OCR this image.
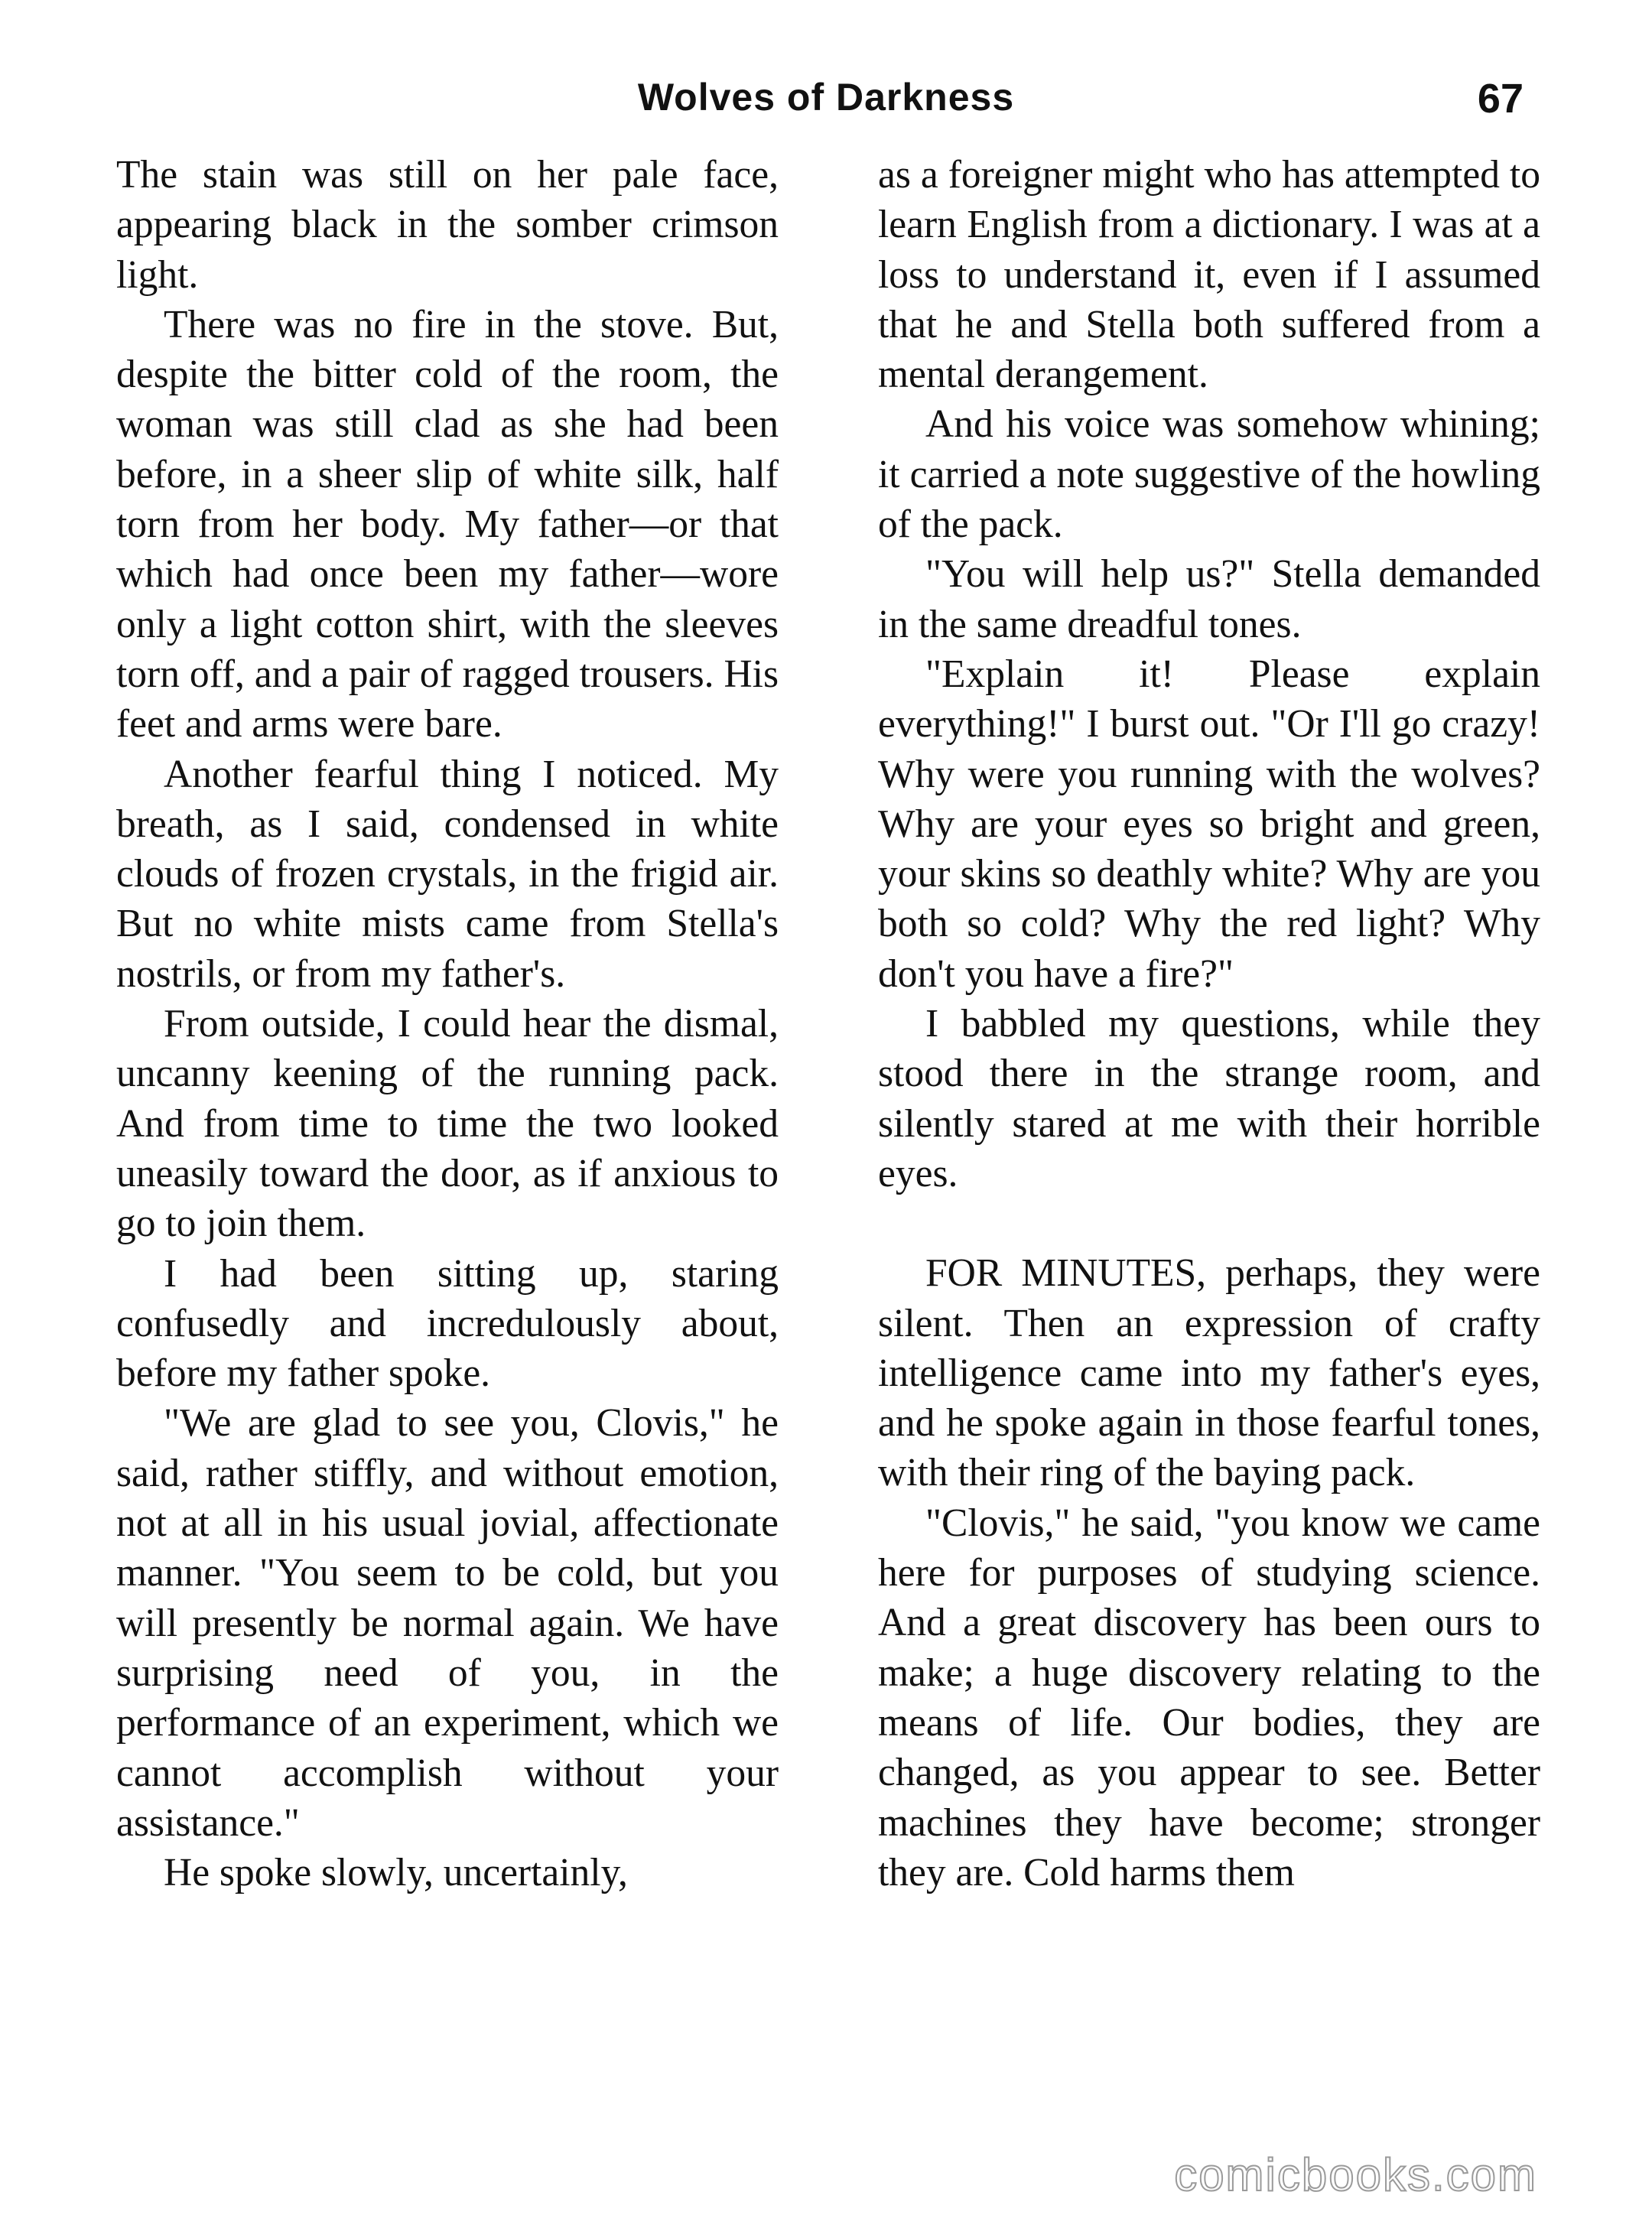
Wolves of Darkness	67

The stain was still on her pale face, appearing black in the somber crimson light.

There was no fire in the stove. But, despite the bitter cold of the room, the woman was still clad as she had been before, in a sheer slip of white silk, half torn from her body. My father—or that which had once been my father—wore only a light cotton shirt, with the sleeves torn off, and a pair of ragged trousers. His feet and arms were bare.

Another fearful thing I noticed. My breath, as I said, condensed in white clouds of frozen crystals, in the frigid air. But no white mists came from Stella's nostrils, or from my father's.

From outside, I could hear the dismal, uncanny keening of the running pack. And from time to time the two looked uneasily toward the door, as if anxious to go to join them.

I had been sitting up, staring confusedly and incredulously about, before my father spoke.

"We are glad to see you, Clovis," he said, rather stiffly, and without emotion, not at all in his usual jovial, affectionate manner. "You seem to be cold, but you will presently be normal again. We have surprising need of you, in the performance of an experiment, which we cannot accomplish without your assistance."

He spoke slowly, uncertainly,

as a foreigner might who has attempted to learn English from a dictionary. I was at a loss to understand it, even if I assumed that he and Stella both suffered from a mental derangement.

And his voice was somehow whining; it carried a note suggestive of the howling of the pack.

"You will help us?" Stella demanded in the same dreadful tones.

"Explain it! Please explain everything!" I burst out. "Or I'll go crazy! Why were you running with the wolves? Why are your eyes so bright and green, your skins so deathly white? Why are you both so cold? Why the red light? Why don't you have a fire?"

I babbled my questions, while they stood there in the strange room, and silently stared at me with their horrible eyes.

FOR MINUTES, perhaps, they were silent. Then an expression of crafty intelligence came into my father's eyes, and he spoke again in those fearful tones, with their ring of the baying pack.

"Clovis," he said, "you know we came here for purposes of studying science. And a great discovery has been ours to make; a huge discovery relating to the means of life. Our bodies, they are changed, as you appear to see. Better machines they have become; stronger they are. Cold harms them

comicbooks.com
